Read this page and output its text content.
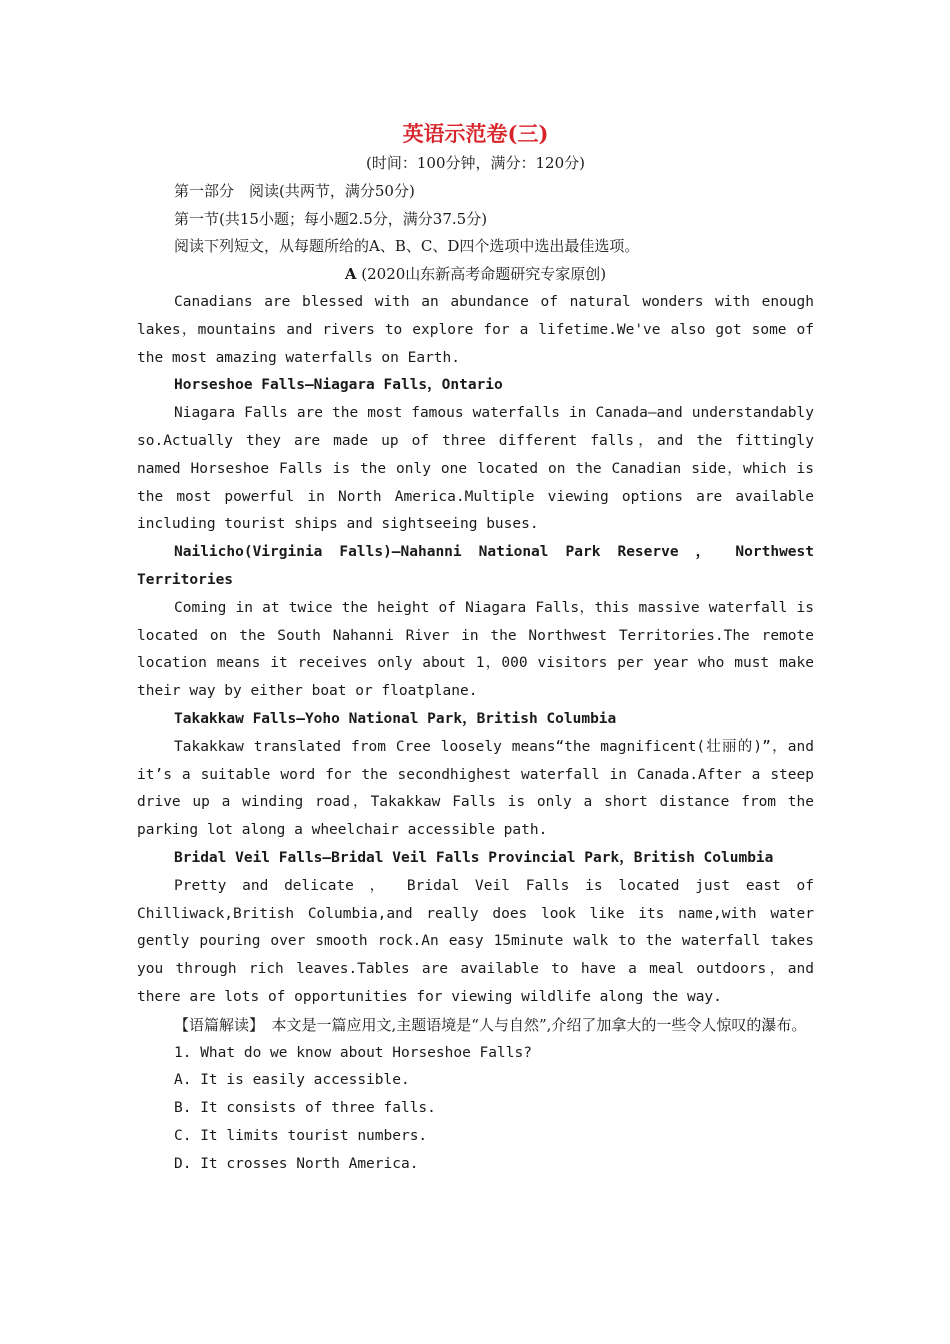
英语示范卷(三)

(时间：100分钟，满分：120分)

第一部分　阅读(共两节，满分50分)

第一节(共15小题；每小题2.5分，满分37.5分)

阅读下列短文，从每题所给的A、B、C、D四个选项中选出最佳选项。

A (2020山东新高考命题研究专家原创)

Canadians are blessed with an abundance of natural wonders with enough lakes，mountains and rivers to explore for a lifetime.We've also got some of the most amazing waterfalls on Earth.

Horseshoe Falls—Niagara Falls，Ontario

Niagara Falls are the most famous waterfalls in Canada—and understandably so.Actually they are made up of three different falls，and the fittingly named Horseshoe Falls is the only one located on the Canadian side，which is the most powerful in North America.Multiple viewing options are available including tourist ships and sightseeing buses.

Nailicho(Virginia Falls)—Nahanni National Park Reserve ， Northwest Territories

Coming in at twice the height of Niagara Falls，this massive waterfall is located on the South Nahanni River in the Northwest Territories.The remote location means it receives only about 1，000 visitors per year who must make their way by either boat or floatplane.

Takakkaw Falls—Yoho National Park，British Columbia

Takakkaw translated from Cree loosely means“the magnificent(壮丽的)”，and it’s a suitable word for the secondhighest waterfall in Canada.After a steep drive up a winding road，Takakkaw Falls is only a short distance from the parking lot along a wheelchair accessible path.

Bridal Veil Falls—Bridal Veil Falls Provincial Park，British Columbia

Pretty and delicate ， Bridal Veil Falls is located just east of Chilliwack,British Columbia,and really does look like its name,with water gently pouring over smooth rock.An easy 15minute walk to the waterfall takes you through rich leaves.Tables are available to have a meal outdoors，and there are lots of opportunities for viewing wildlife along the way.

【语篇解读】　本文是一篇应用文,主题语境是“人与自然”,介绍了加拿大的一些令人惊叹的瀑布。

1. What do we know about Horseshoe Falls?

A. It is easily accessible.

B. It consists of three falls.

C. It limits tourist numbers.

D. It crosses North America.
